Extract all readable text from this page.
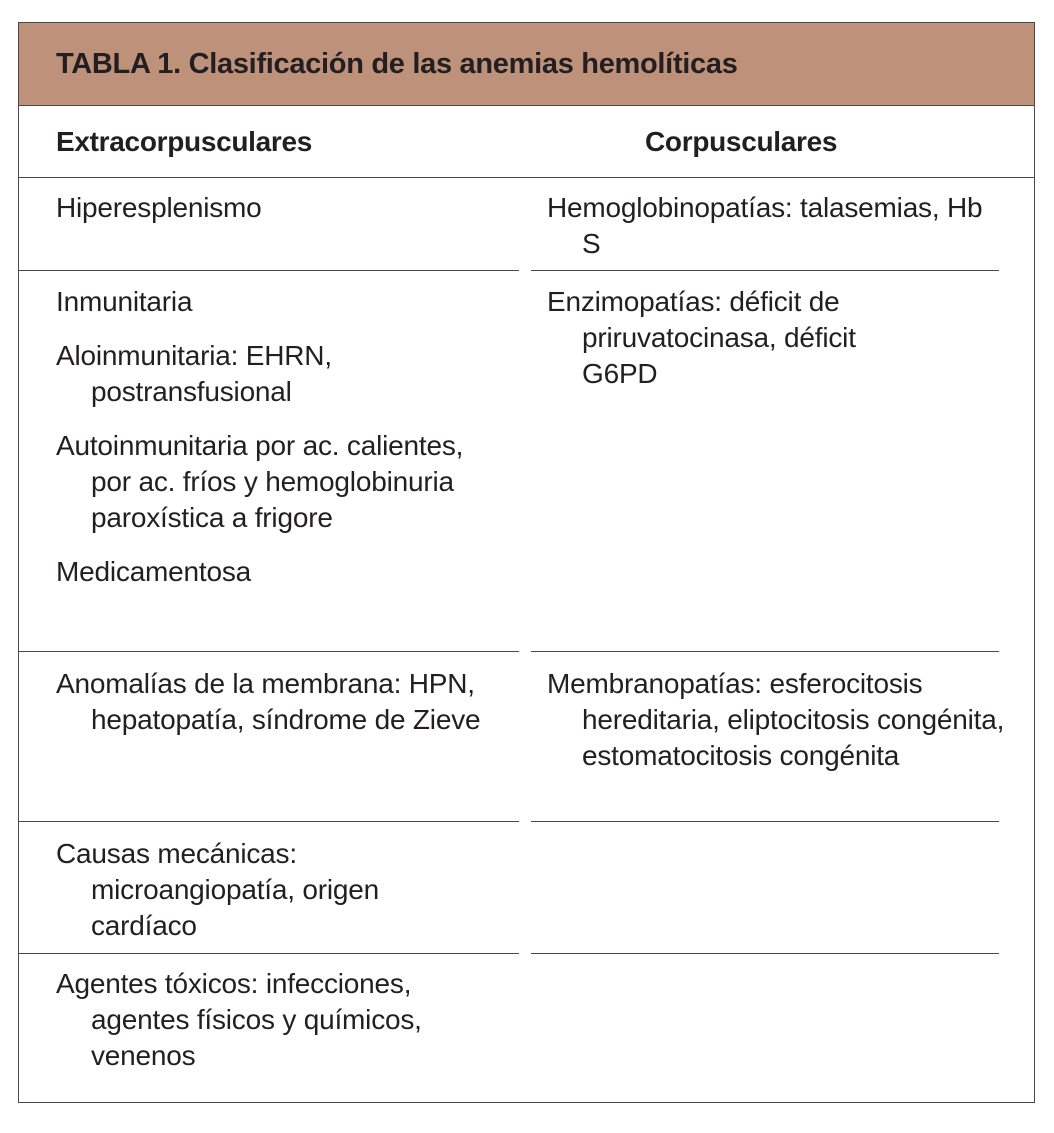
TABLA 1. Clasificación de las anemias hemolíticas
Extracorpusculares	Corpusculares

Hiperesplenismo	Hemoglobinopatías: talasemias, Hb S

Inmunitaria

Aloinmunitaria: EHRN, postransfusional

Autoinmunitaria por ac. calientes, por ac. fríos y hemoglobinuria paroxística a frigore

Medicamentosa

Enzimopatías: déficit de priruvatocinasa, déficit G6PD

Anomalías de la membrana: HPN, hepatopatía, síndrome de Zieve

Membranopatías: esferocitosis hereditaria, eliptocitosis congénita, estomatocitosis congénita

Causas mecánicas: microangiopatía, origen cardíaco

Agentes tóxicos: infecciones, agentes físicos y químicos, venenos
